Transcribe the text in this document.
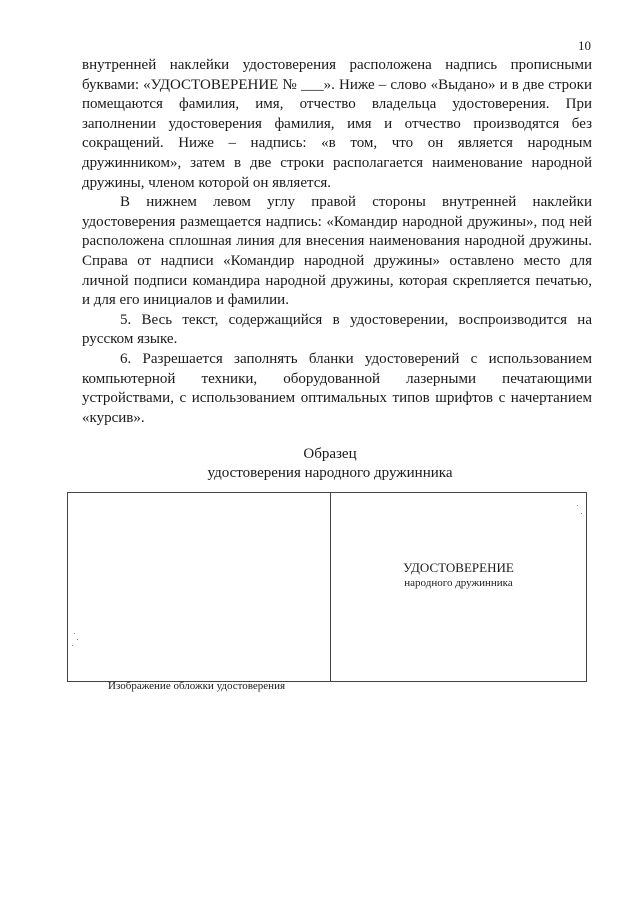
10

внутренней наклейки удостоверения расположена надпись прописными буквами: «УДОСТОВЕРЕНИЕ № ___». Ниже – слово «Выдано» и в две строки помещаются фамилия, имя, отчество владельца удостоверения. При заполнении удостоверения фамилия, имя и отчество производятся без сокращений. Ниже – надпись: «в том, что он является народным дружинником», затем в две строки располагается наименование народной дружины, членом которой он является.

В нижнем левом углу правой стороны внутренней наклейки удостоверения размещается надпись: «Командир народной дружины», под ней расположена сплошная линия для внесения наименования народной дружины. Справа от надписи «Командир народной дружины» оставлено место для личной подписи командира народной дружины, которая скрепляется печатью, и для его инициалов и фамилии.

5. Весь текст, содержащийся в удостоверении, воспроизводится на русском языке.

6. Разрешается заполнять бланки удостоверений с использованием компьютерной техники, оборудованной лазерными печатающими устройствами, с использованием оптимальных типов шрифтов с начертанием «курсив».

Образец
удостоверения народного дружинника
УДОСТОВЕРЕНИЕ
народного дружинника
Изображение обложки удостоверения
